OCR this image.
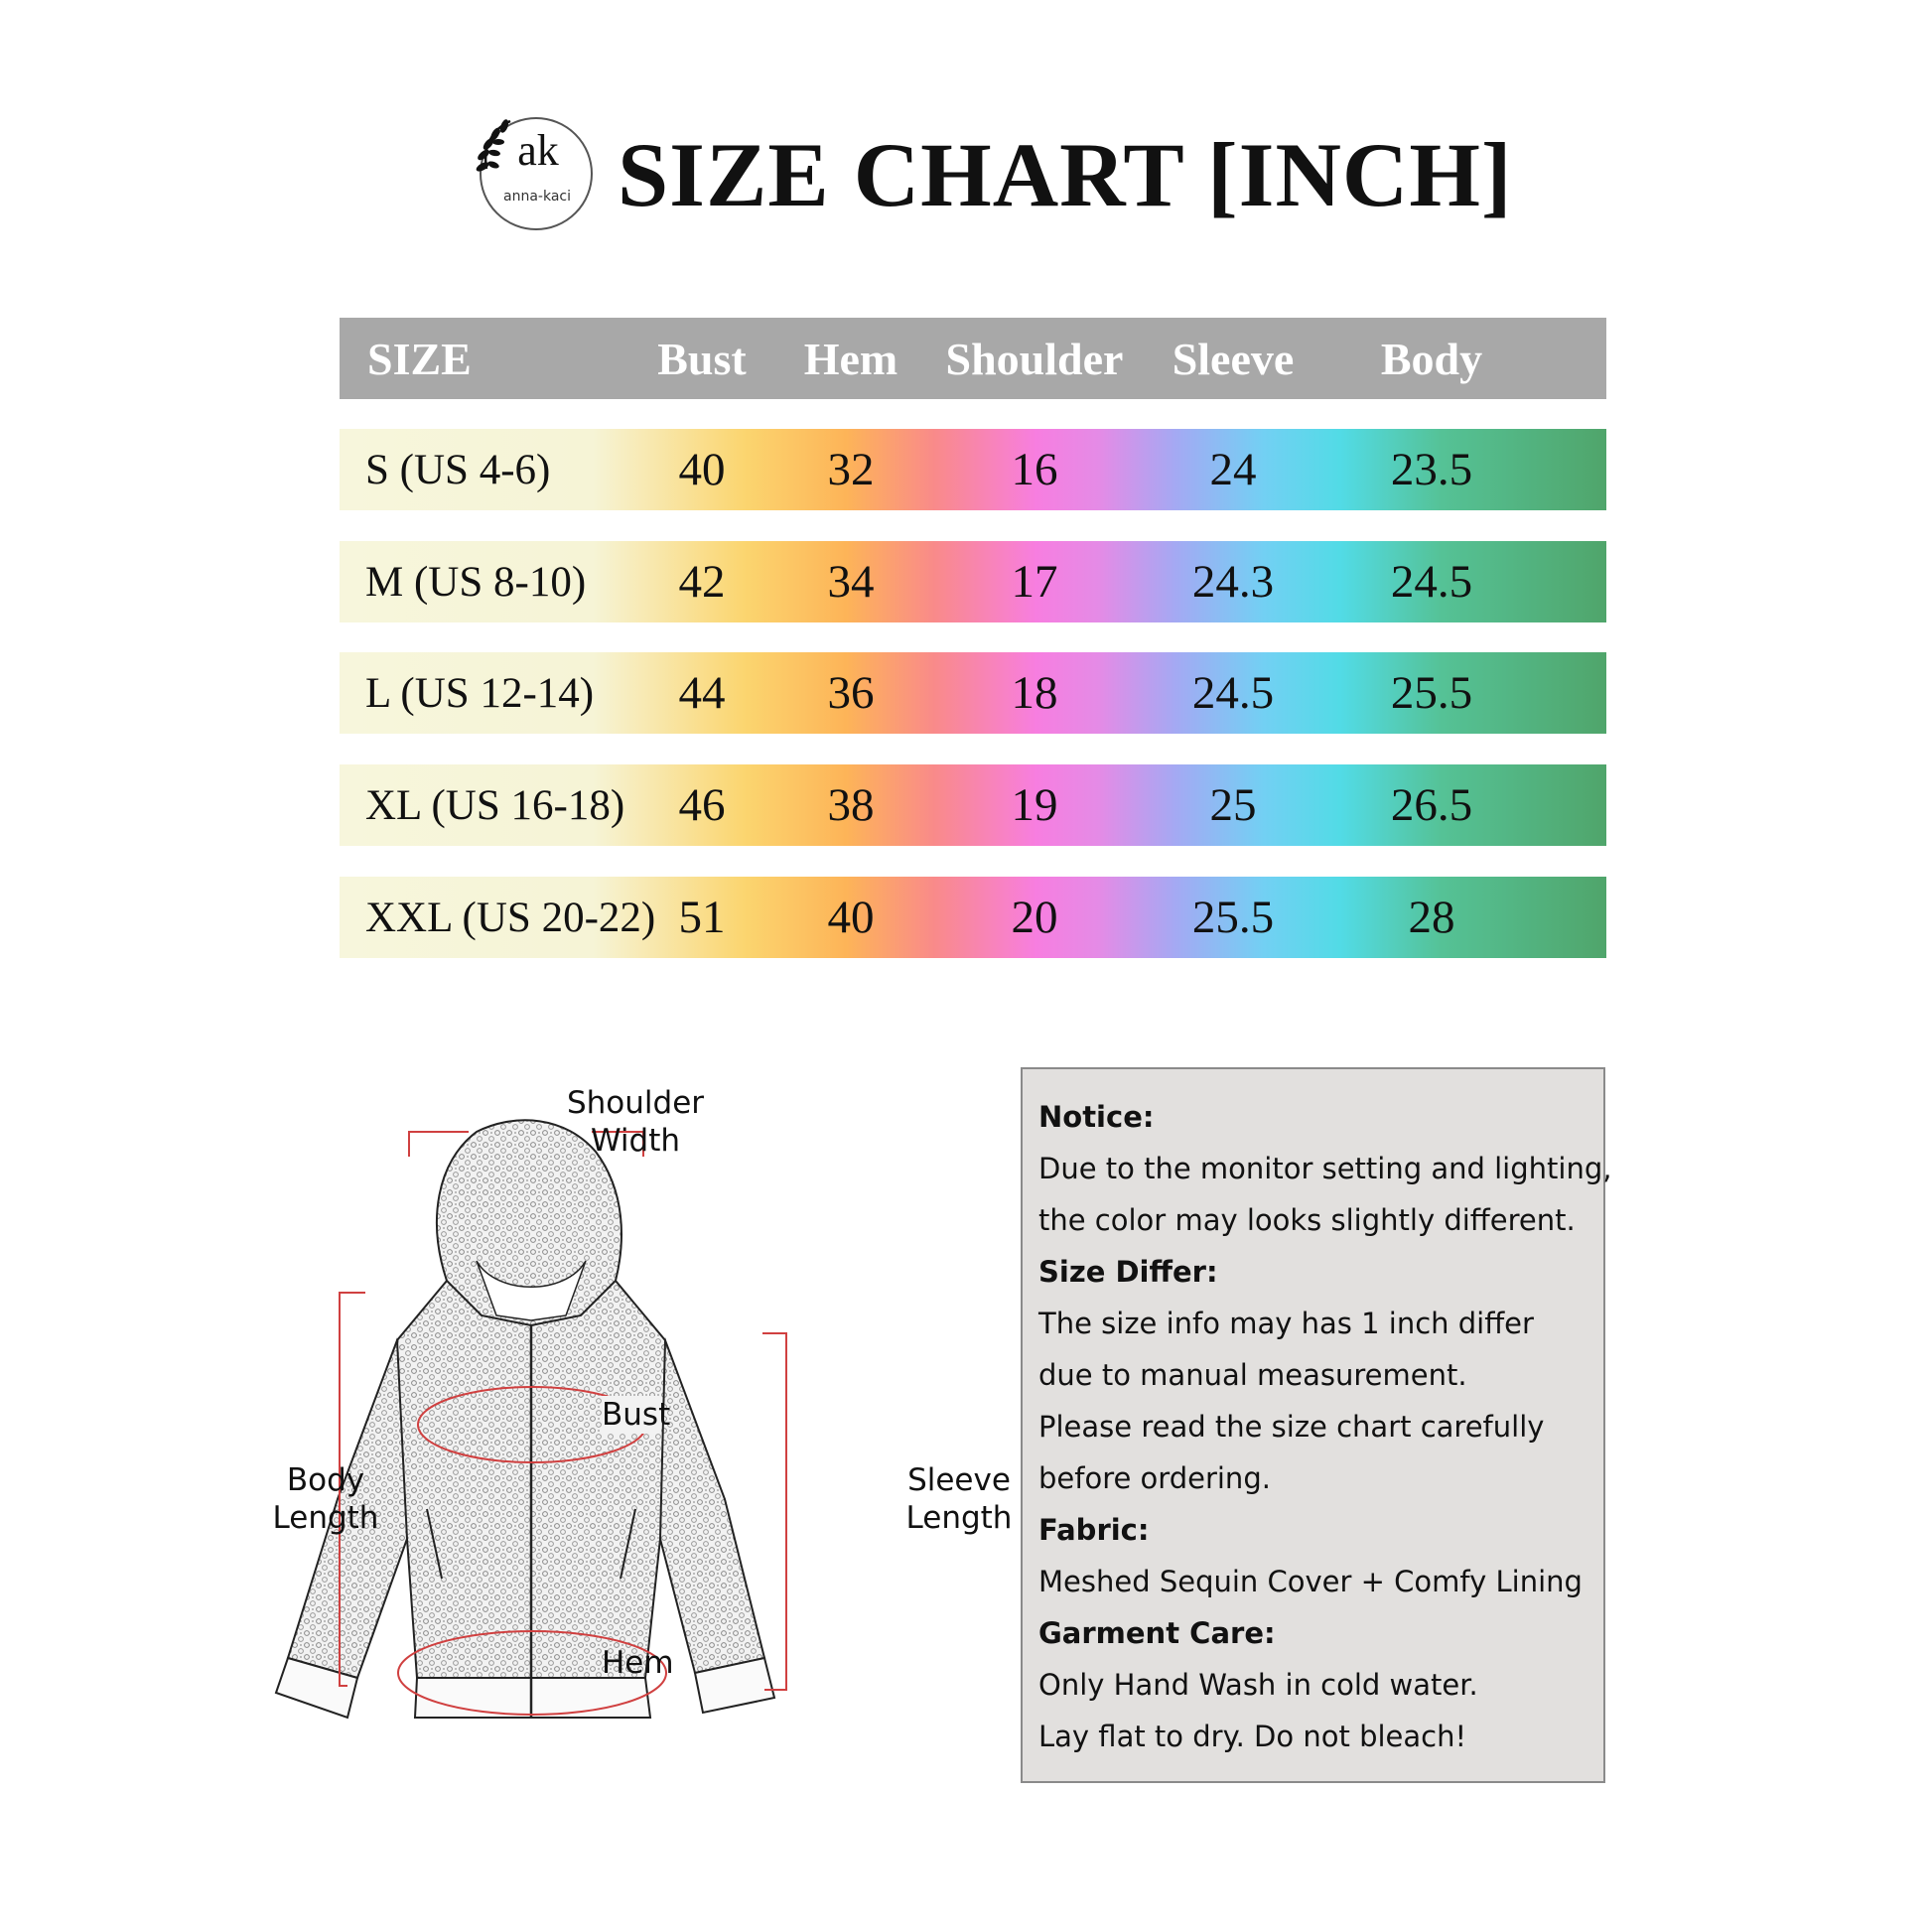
ak
anna-kaci SIZE CHART [INCH]
SIZE	Bust	Hem	Shoulder	Sleeve	Body
S (US 4-6)	40	32	16	24	23.5
M (US 8-10)	42	34	17	24.3	24.5
L (US 12-14)	44	36	18	24.5	25.5
XL (US 16-18)	46	38	19	25	26.5
XXL (US 20-22) 51	40	20	25.5	28
Shoulder
Width
Bust
Hem
Body
Length
Sleeve
Length
Notice:
Due to the monitor setting and lighting,
the color may looks slightly different.
Size Differ:
The size info may has 1 inch differ
due to manual measurement.
Please read the size chart carefully
before ordering.
Fabric:
Meshed Sequin Cover + Comfy Lining
Garment Care:
Only Hand Wash in cold water.
Lay flat to dry. Do not bleach!
